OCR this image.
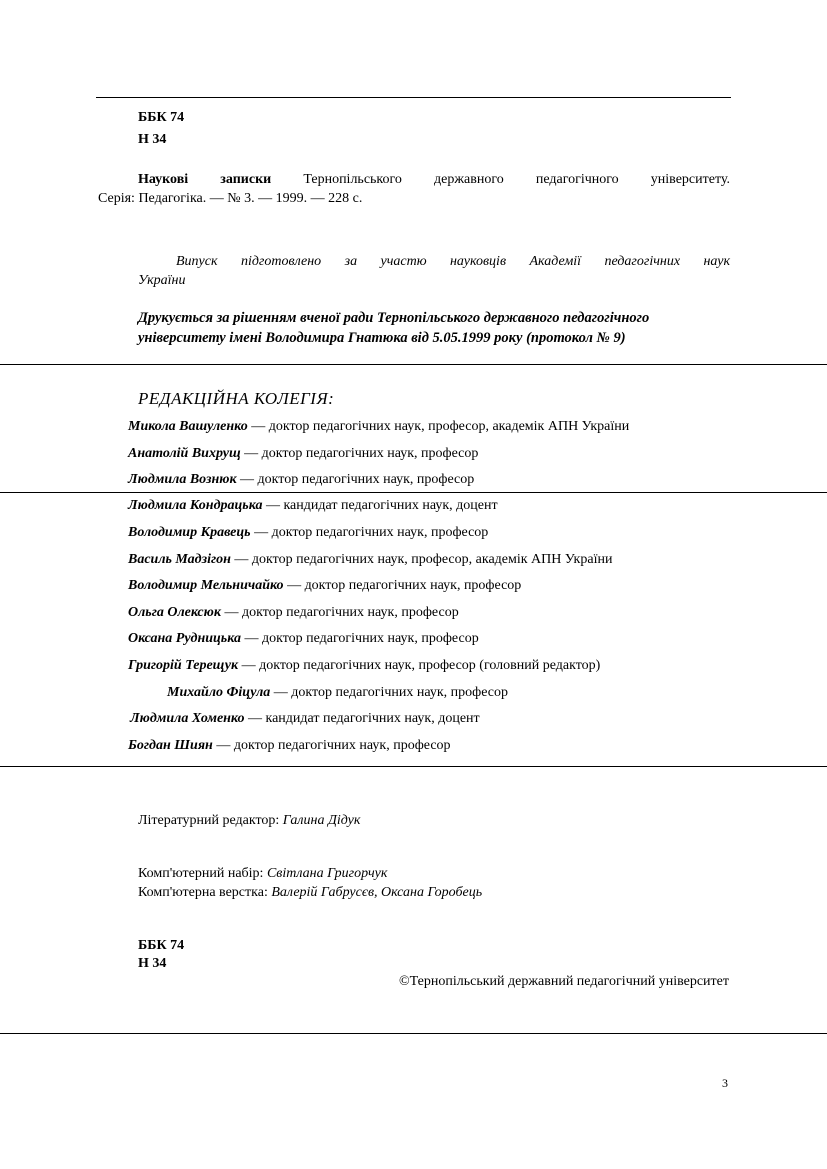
ББК 74
Н 34
Наукові записки Тернопільського державного педагогічного університету.
Серія: Педагогіка. — № 3. — 1999. — 228 с.
Випуск підготовлено за участю науковців Академії педагогічних наук
України
Друкується за рішенням вченої ради Тернопільського державного педагогічного
університету імені Володимира Гнатюка від 5.05.1999 року (протокол № 9)
РЕДАКЦІЙНА КОЛЕГІЯ:
Микола Вашуленко — доктор педагогічних наук, професор, академік АПН України
Анатолій Вихрущ — доктор педагогічних наук, професор
Людмила Вознюк — доктор педагогічних наук, професор
Людмила Кондрацька — кандидат педагогічних наук, доцент
Володимир Кравець — доктор педагогічних наук, професор
Василь Мадзігон — доктор педагогічних наук, професор, академік АПН України
Володимир Мельничайко — доктор педагогічних наук, професор
Ольга Олексюк — доктор педагогічних наук, професор
Оксана Рудницька — доктор педагогічних наук, професор
Григорій Терещук — доктор педагогічних наук, професор (головний редактор)
Михайло Фіцула — доктор педагогічних наук, професор
Людмила Хоменко — кандидат педагогічних наук, доцент
Богдан Шиян — доктор педагогічних наук, професор
Літературний редактор: Галина Дідук
Комп'ютерний набір: Світлана Григорчук
Комп'ютерна верстка: Валерій Габрусєв, Оксана Горобець
ББК 74
Н 34
©Тернопільський державний педагогічний університет
3
